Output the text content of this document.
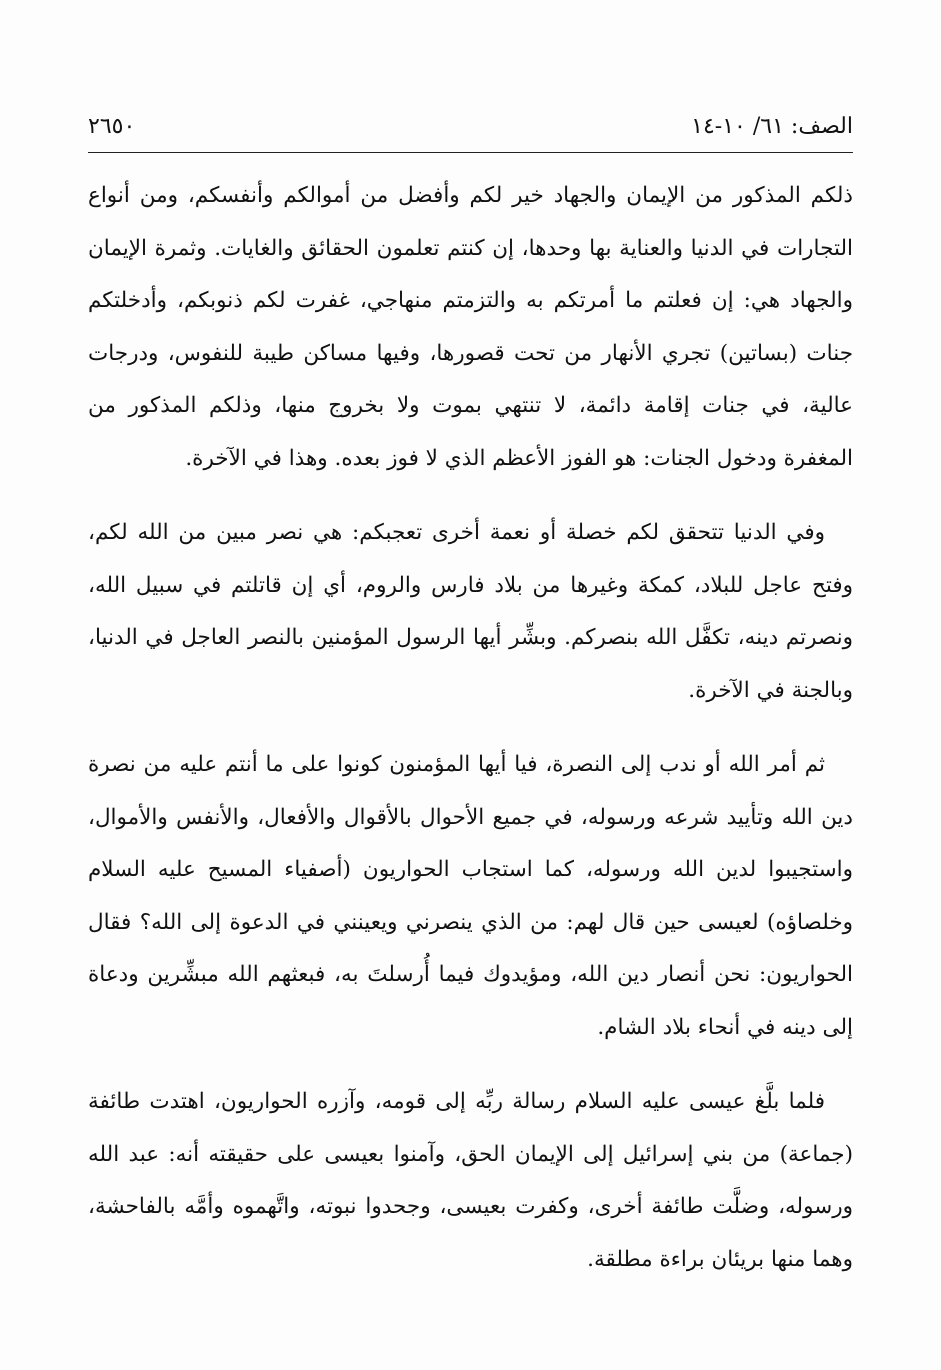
الصف: ٦١/ ١٠-١٤
٢٦٥٠

ذلكم المذكور من الإيمان والجهاد خير لكم وأفضل من أموالكم وأنفسكم، ومن أنواع التجارات في الدنيا والعناية بها وحدها، إن كنتم تعلمون الحقائق والغايات. وثمرة الإيمان والجهاد هي: إن فعلتم ما أمرتكم به والتزمتم منهاجي، غفرت لكم ذنوبكم، وأدخلتكم جنات (بساتين) تجري الأنهار من تحت قصورها، وفيها مساكن طيبة للنفوس، ودرجات عالية، في جنات إقامة دائمة، لا تنتهي بموت ولا بخروج منها، وذلكم المذكور من المغفرة ودخول الجنات: هو الفوز الأعظم الذي لا فوز بعده. وهذا في الآخرة.

وفي الدنيا تتحقق لكم خصلة أو نعمة أخرى تعجبكم: هي نصر مبين من الله لكم، وفتح عاجل للبلاد، كمكة وغيرها من بلاد فارس والروم، أي إن قاتلتم في سبيل الله، ونصرتم دينه، تكفَّل الله بنصركم. وبشِّر أيها الرسول المؤمنين بالنصر العاجل في الدنيا، وبالجنة في الآخرة.

ثم أمر الله أو ندب إلى النصرة، فيا أيها المؤمنون كونوا على ما أنتم عليه من نصرة دين الله وتأييد شرعه ورسوله، في جميع الأحوال بالأقوال والأفعال، والأنفس والأموال، واستجيبوا لدين الله ورسوله، كما استجاب الحواريون (أصفياء المسيح عليه السلام وخلصاؤه) لعيسى حين قال لهم: من الذي ينصرني ويعينني في الدعوة إلى الله؟ فقال الحواريون: نحن أنصار دين الله، ومؤيدوك فيما أُرسلتَ به، فبعثهم الله مبشِّرين ودعاة إلى دينه في أنحاء بلاد الشام.

فلما بلَّغ عيسى عليه السلام رسالة ربِّه إلى قومه، وآزره الحواريون، اهتدت طائفة (جماعة) من بني إسرائيل إلى الإيمان الحق، وآمنوا بعيسى على حقيقته أنه: عبد الله ورسوله، وضلَّت طائفة أخرى، وكفرت بعيسى، وجحدوا نبوته، واتَّهموه وأمَّه بالفاحشة، وهما منها بريئان براءة مطلقة.
